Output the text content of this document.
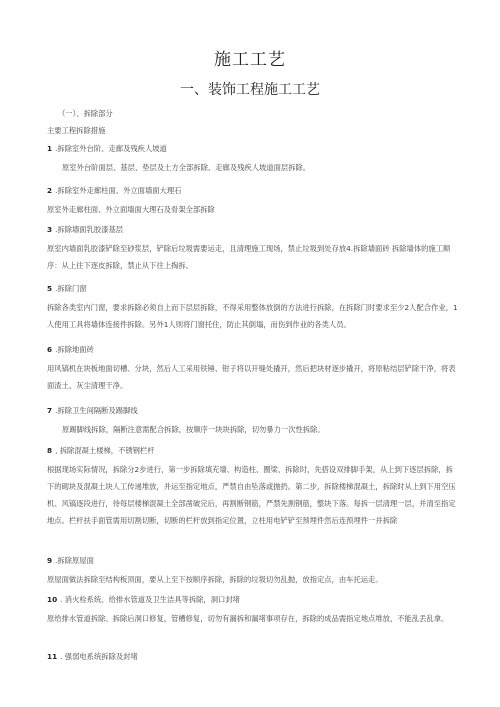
施工工艺
一、装饰工程施工工艺
（一）、拆除部分
主要工程拆除措施
1 .拆除室外台阶、走廊及残疾人坡道
原室外台阶面层、基层、垫层及土方全部拆除、走廊及残疾人坡道面层拆除。
2 .拆除室外走廊柱面、外立面墙面大理石
原室外走廊柱面、外立面墙面大理石及骨架全部拆除
3 .拆除墙面乳胶漆基层
原室内墙面乳胶漆铲除至砂浆层，铲除后垃圾需要运走，且清理施工现场，禁止垃圾到处存放4.拆除墙面砖 拆除墙体的施工顺序：从上往下逐皮拆除，禁止从下往上掏拆。
5 .拆除门窗
拆除各类室内门窗，要求拆除必须自上而下层层拆除，不得采用整体放倒的方法进行拆除，在拆除门时要求至少2人配合作业，1人使用工具将墙体连接件拆除。另外1人则将门窗托住，防止其倒塌，而伤到作业的各类人员。
6 .拆除地面砖
用风镐机在块板地面切槽、分块，然后人工采用铁锤、钳子将以开缝处撬开，然后把块材逐步撬开，将原粘结层铲除干净，将表面渣土、灰尘清理干净。
7 .拆除卫生间隔断及踢脚线
原踢脚线拆除，隔断注意需配合拆除，按顺序一块块拆除，切勿暴力一次性拆除。
8 , 拆除混凝土楼梯，不锈钢栏杆
根据现场实际情况，拆除分2步进行，第一步拆除填充墙、构造柱、圈梁、拆除时，先搭设双排脚手架，从上到下逐层拆除，拆下的砌块及混凝土块人工传递堆放，并运至指定地点，严禁自由坠落或抛扔。第二步，拆除楼梯混凝土，拆除时从上到下用空压机、风镐逐段进行，待每层楼梯混凝土全部凿破完后，再割断钢筋，严禁先割钢筋，整块下落。每拆一层清理一层，并清至指定地点。栏杆扶手面管需用切割切断，切断的栏杆放到指定位置，立柱用电铲铲至预埋件然后连预埋件一并拆除
9 .拆除原屋面
原屋面做法拆除至结构板顶面，要从上至下按顺序拆除，拆除的垃圾切勿乱抛，放指定点，由车托运走。
10 . 消火栓系统、给排水管道及卫生洁具等拆除，洞口封堵
原给排水管道拆除、拆除后洞口修复，管槽修复，切勿有漏拆和漏堵事项存在，拆除的成品需指定地点堆放，不能乱丢乱拿。
11 . 强弱电系统拆除及封堵
